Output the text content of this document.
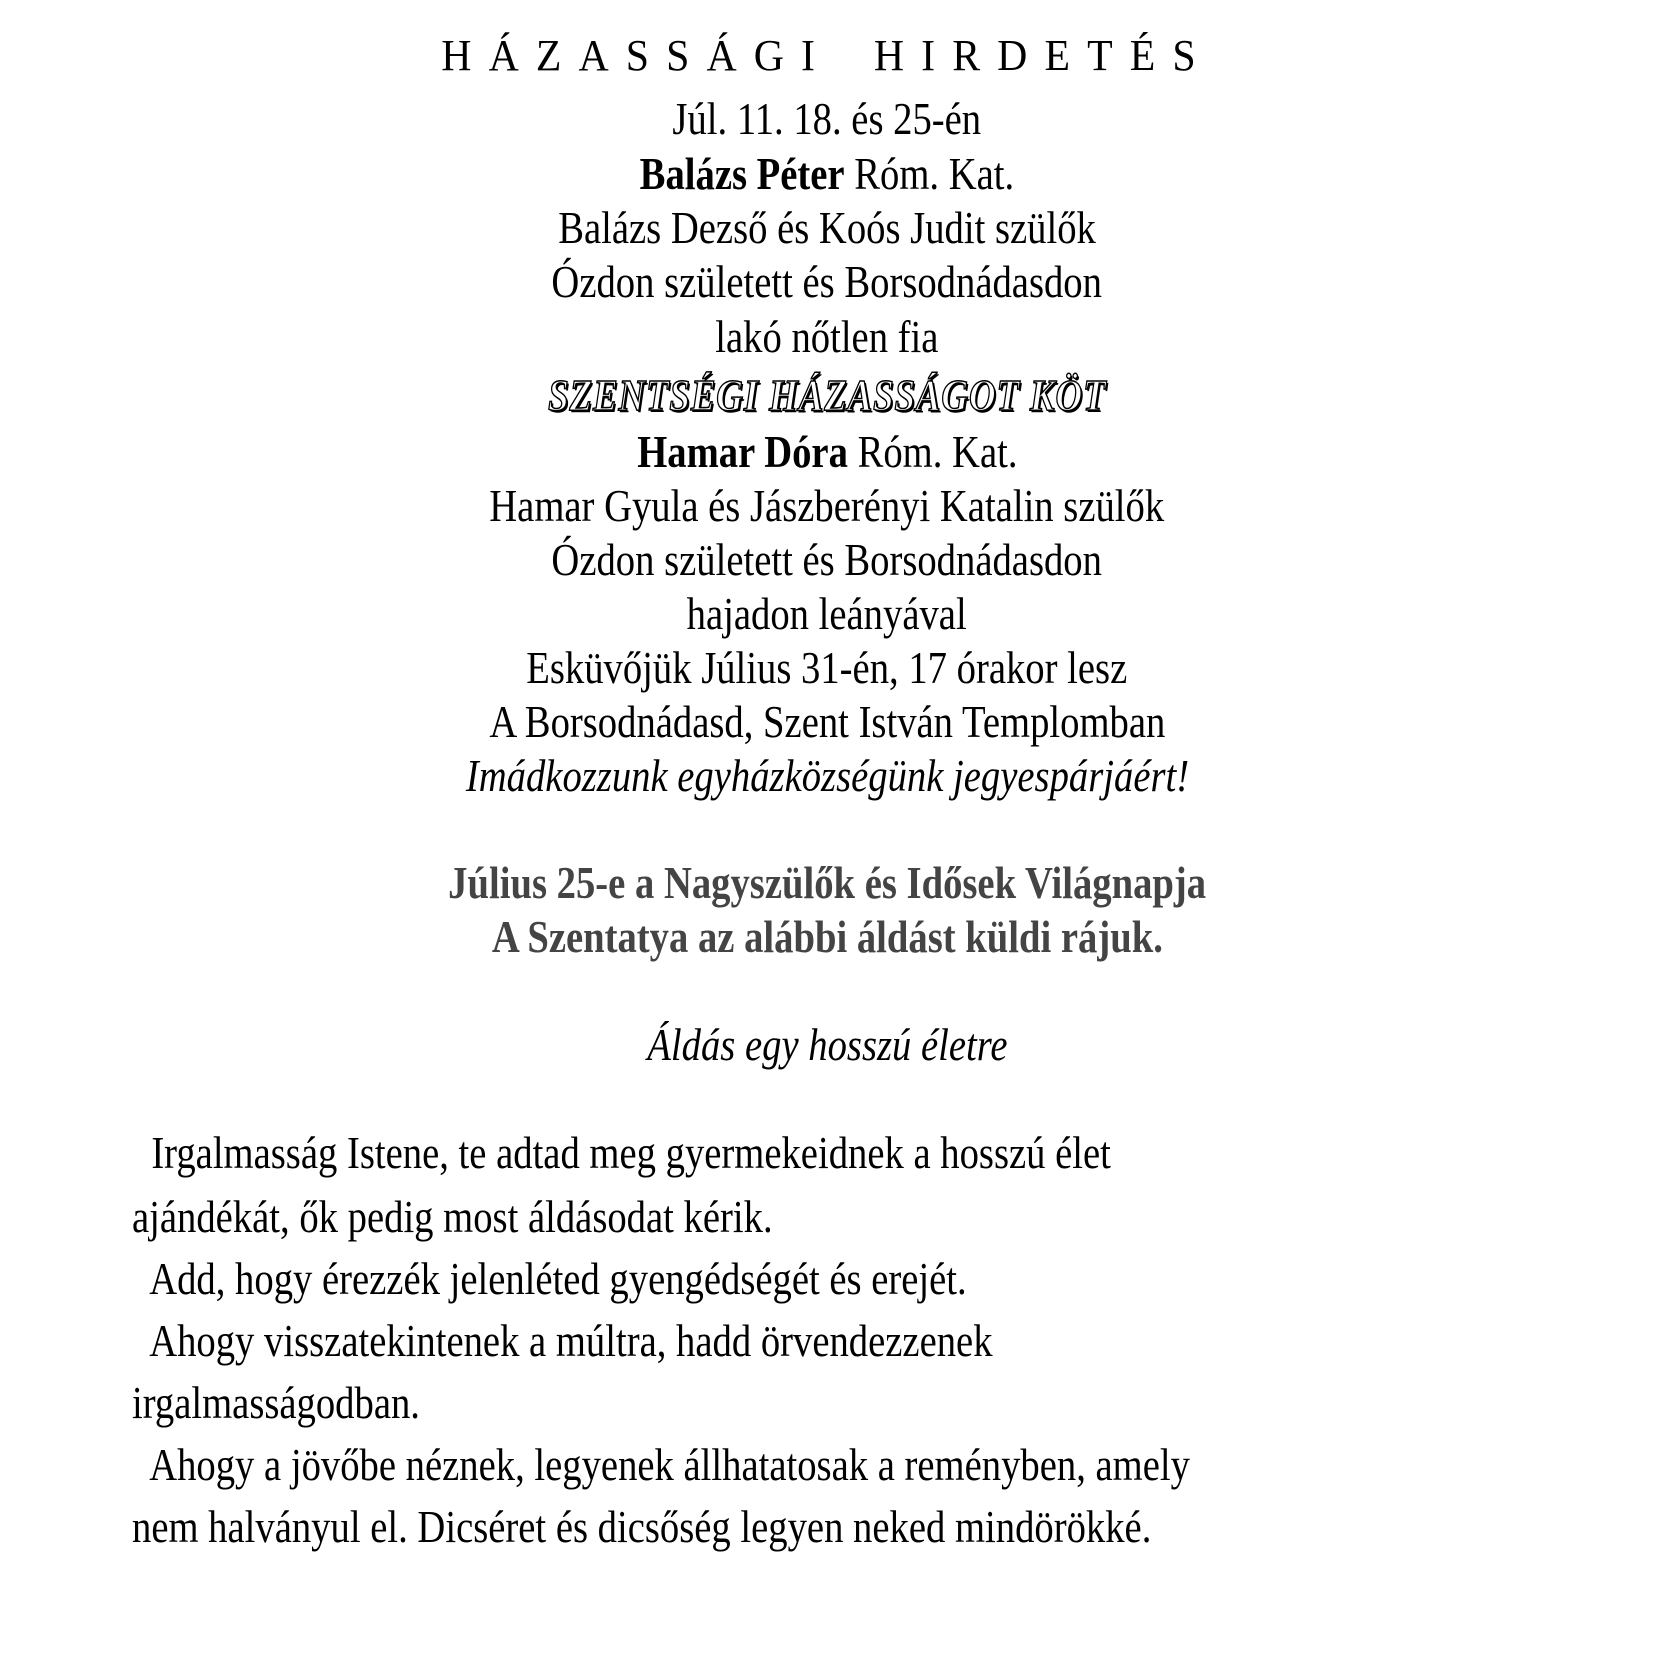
HÁZASSÁGI HIRDETÉS
Júl. 11. 18. és 25-én
Balázs Péter Róm. Kat.
Balázs Dezső és Koós Judit szülők
Ózdon született és Borsodnádasdon
lakó nőtlen fia
SZENTSÉGI HÁZASSÁGOT KÖT
Hamar Dóra Róm. Kat.
Hamar Gyula és Jászberényi Katalin szülők
Ózdon született és Borsodnádasdon
hajadon leányával
Esküvőjük Július 31-én, 17 órakor lesz
A Borsodnádasd, Szent István Templomban
Imádkozzunk egyházközségünk jegyespárjáért!
Július 25-e a Nagyszülők és Idősek Világnapja
A Szentatya az alábbi áldást küldi rájuk.
Áldás egy hosszú életre
Irgalmasság Istene, te adtad meg gyermekeidnek a hosszú élet
ajándékát, ők pedig most áldásodat kérik.
Add, hogy érezzék jelenléted gyengédségét és erejét.
Ahogy visszatekintenek a múltra, hadd örvendezzenek
irgalmasságodban.
Ahogy a jövőbe néznek, legyenek állhatatosak a reményben, amely
nem halványul el. Dicséret és dicsőség legyen neked mindörökké.
